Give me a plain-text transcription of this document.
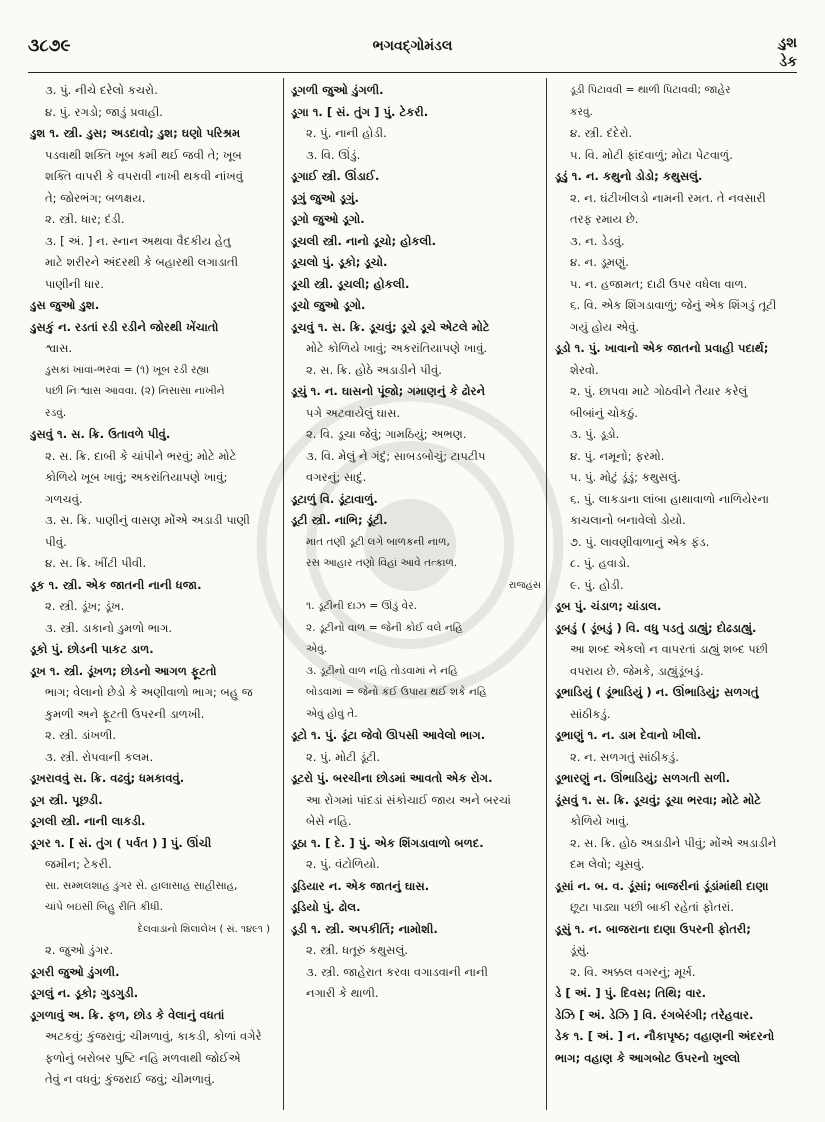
૩૮૭૯	ભગવદ્ગોમંડલ	ડુશ
ડેક
૩. પું. નીચે દરેલો કચરો.
૪. પું. રગડો; જાડું પ્રવાહી.
ડુશ ૧. સ્ત્રી. ડુસ; અડદાવો; ડુશ; ઘણો પરિશ્રમ
પડવાથી શક્તિ ખૂબ કમી થઈ જવી તે; ખૂબ
શક્તિ વાપરી કે વપરાવી નાખી થકવી નાંખવું
તે; જોરભંગ; બળક્ષય.
૨. સ્ત્રી. ધાર; દંડી.
૩. [ અં. ] ન. સ્નાન અથવા વૈદકીય હેતુ
માટે શરીરને અંદરથી કે બહારથી લગાડાતી
પાણીની ધાર.
ડુસ જુઓ ડુશ.
ડુસકું ન. રડતાં રડી રડીને જોરથી ખેંચાતો
શ્વાસ.
ડુસકાં ખાવાં-ભરવાં = (૧) ખૂબ રડી રહ્યા
પછી નિઃશ્વાસ આવવા. (૨) નિસાસા નાખીને
રડવું.
ડુસવું ૧. સ. ક્રિ. ઉતાવળે પીવું.
૨. સ. ક્રિ. દાબી કે ચાંપીને ભરવું; મોટે મોટે
કોળિયે ખૂબ ખાવું; અકરાંતિયાપણે ખાવું;
ગળચવું.
૩. સ. ક્રિ. પાણીનું વાસણ મોંએ અડાડી પાણી
પીવું.
૪. સ. ક્રિ. ખીંટી પીવી.
ડૂક ૧. સ્ત્રી. એક જાતની નાની ધજા.
૨. સ્ત્રી. ડૂંખ; ડૂંખ.
૩. સ્ત્રી. ડાકાનો ડુમળો ભાગ.
ડૂકો પું. છોડની પાકટ ડાળ.
ડૂખ ૧. સ્ત્રી. ડૂંખળ; છોડનો આગળ ફૂટતો
ભાગ; વેલાનો છેડો કે અણીવાળો ભાગ; બહુ જ
કુમળી અને ફૂટતી ઉપરની ડાળખી.
૨. સ્ત્રી. ડાંખળી.
૩. સ્ત્રી. રોપવાની કલમ.
ડૂખરાવવું સ. ક્રિ. વઢવું; ધમકાવવું.
ડૂગ સ્ત્રી. પૂછડી.
ડૂગલી સ્ત્રી. નાની લાકડી.
ડૂગર ૧. [ સં. તુંગ ( પર્વત ) ] પું. ઊંચી
જમીન; ટેકરી.
સા. સમ્મલશાહ ડુંગર સે. હાલાસાહ સાહીસાહ,
ચાંપે બઇસી બિહુ રીતિ કીધી.
દેલવાડાનો શિલાલેખ ( સં. ૧૪૯૧ )
૨. જુઓ ડુંગર.
ડૂગરી જુઓ ડુંગળી.
ડૂગલું ન. ડૂકો; ગુડગુડી.
ડૂગળાવું અ. ક્રિ. ફળ, છોડ કે વેલાનું વધતાં
અટકવું; કુંજરાવું; ચીમળાવું, કાકડી, કોળાં વગેરે
ફળોનું બરોબર પુષ્ટિ નહિ મળવાથી જોઈએ
તેવું ન વધવું; કુંજરાઈ જવું; ચીમળાવું.
ડૂગળી જુઓ ડુંગળી.
ડૂગા ૧. [ સં. તુંગ ] પું. ટેકરી.
૨. પું. નાની હોડી.
૩. વિ. ઊંડું.
ડૂગાઈ સ્ત્રી. ઊંડાઈ.
ડૂગું જુઓ ડૂગું.
ડૂગો જુઓ ડૂગો.
ડૂચલી સ્ત્રી. નાનો ડૂચો; હોકલી.
ડૂચલો પું. ડૂકો; ડૂચો.
ડૂચી સ્ત્રી. ડૂચલી; હોકલી.
ડૂચો જુઓ ડૂગો.
ડૂચવું ૧. સ. ક્રિ. ડૂચવું; ડૂચે ડૂચે એટલે મોટે
મોટે કોળિયે ખાવું; અકરાંતિયાપણે ખાવું.
૨. સ. ક્રિ. હોઠે અડાડીને પીવું.
ડૂચું ૧. ન. ઘાસનો પૂંજો; ગમાણનું કે ઢોરને
પગે અટવાયેલું ઘાસ.
૨. વિ. ડૂચા જેવું; ગામઠિયું; અભણ.
૩. વિ. મેલું ને ગંદું; સાબડબોચું; ટાપટીપ
વગરનું; સાદું.
ડૂટાળું વિ. ડૂંટાવાળું.
ડૂટી સ્ત્રી. નાભિ; ડૂંટી.
માત તણી ડૂટી લગે બાળકની નાળ,
રસ આહાર તણો વિહાં આવે તત્કાળ.
રાજહંસ
૧. ડૂટીની દાઝ = ઊંડું વેર.
૨. ડૂટીનો વાળ = જેની કોઈ વલે નહિ
એવું.
૩. ડૂટીનો વાળ નહિ તોડવામાં ને નહિ
બોડવામાં = જેનો કંઈ ઉપાય થઈ શકે નહિ
એવું હોવું તે.
ડૂટો ૧. પું. ડૂંટા જેવો ઊપસી આવેલો ભાગ.
૨. પું. મોટી ડૂંટી.
ડૂટરો પું. બરચીના છોડમાં આવતો એક રોગ.
આ રોગમાં પાંદડાં સંકોચાઈ જાય અને બરચાં
બેસે નહિ.
ડૂઠા ૧. [ દે. ] પું. એક શિંગડાવાળો બળદ.
૨. પું. વંટોળિયો.
ડૂડિયાર ન. એક જાતનું ઘાસ.
ડૂડિયો પું. ઢોલ.
ડૂડી ૧. સ્ત્રી. અપકીર્તિ; નામોશી.
૨. સ્ત્રી. ધતૂરું કથુસલું.
૩. સ્ત્રી. જાહેરાત કરવા વગાડવાની નાની
નગારી કે થાળી.
ડૂડી પિટાવવી = થાળી પિટાવવી; જાહેર
કરવું.
૪. સ્ત્રી. દંદેરો.
૫. વિ. મોટી ફાંદવાળું; મોટા પેટવાળું.
ડૂડું ૧. ન. કથુનો ડોડો; કથુસલું.
૨. ન. ઘંટીખીલડો નામની રમત. તે નવસારી
તરફ રમાય છે.
૩. ન. ડેડવું.
૪. ન. ડૂમણું.
૫. ન. હજામત; દાઢી ઉપર વધેલા વાળ.
૬. વિ. એક શિંગડાવાળું; જેનું એક શિંગડું તૂટી
ગયું હોય એવું.
ડૂડો ૧. પું. ખાવાનો એક જાતનો પ્રવાહી પદાર્થ;
શેરવો.
૨. પું. છાપવા માટે ગોઠવીને તૈયાર કરેલું
બીબાંનું ચોકઠું.
૩. પું. ડૂડો.
૪. પું. નમૂનો; ફરમો.
૫. પું. મોટું ડૂંડું; કથુસલું.
૬. પું. લાકડાના લાંબા હાથાવાળો નાળિયેરના
કાચલાનો બનાવેલો ડોયો.
૭. પું. લાવણીવાળાનું એક ફંડ.
૮. પું. હવાડો.
૯. પું. હોડી.
ડૂબ પું. ચંડાળ; ચાંડાલ.
ડૂબડું ( ડૂંબડું ) વિ. વધુ પડતું ડાહ્યું; દોઢડાહ્યું.
આ શબ્દ એકલો ન વાપરતાં ડાહ્યું શબ્દ પછી
વપરાય છે. જેમકે, ડાહ્યુંડૂંબડું.
ડૂભાડિયું ( ડૂંભાડિયું ) ન. ઊંભાડિયું; સળગતું
સાંઠીકડું.
ડૂભાણું ૧. ન. ડામ દેવાનો ખીલો.
૨. ન. સળગતું સાંઠીકડું.
ડૂભારણું ન. ઊંભાડિયું; સળગતી સળી.
ડૂંસવું ૧. સ. ક્રિ. ડૂચવું; ડૂચા ભરવા; મોટે મોટે
કોળિયે ખાવું.
૨. સ. ક્રિ. હોઠ અડાડીને પીવું; મોંએ અડાડીને
દમ લેવો; ચૂસવું.
ડૂસાં ન. બ. વ. ડૂંસાં; બાજરીનાં ડૂંડાંમાંથી દાણા
છૂટા પાડ્યા પછી બાકી રહેતાં ફોતરાં.
ડૂસું ૧. ન. બાજરાના દાણા ઉપરની ફોતરી;
ડૂંસું.
૨. વિ. અક્કલ વગરનું; મૂર્ખ.
ડે [ અં. ] પું. દિવસ; તિથિ; વાર.
ડેઝિ [ અં. ડેઝિ ] વિ. રંગબેરંગી; તરેહવાર.
ડેક ૧. [ અં. ] ન. નૌકાપૃષ્ઠ; વહાણની અંદરનો
ભાગ; વહાણ કે આગબોટ ઉપરનો ખુલ્લો
